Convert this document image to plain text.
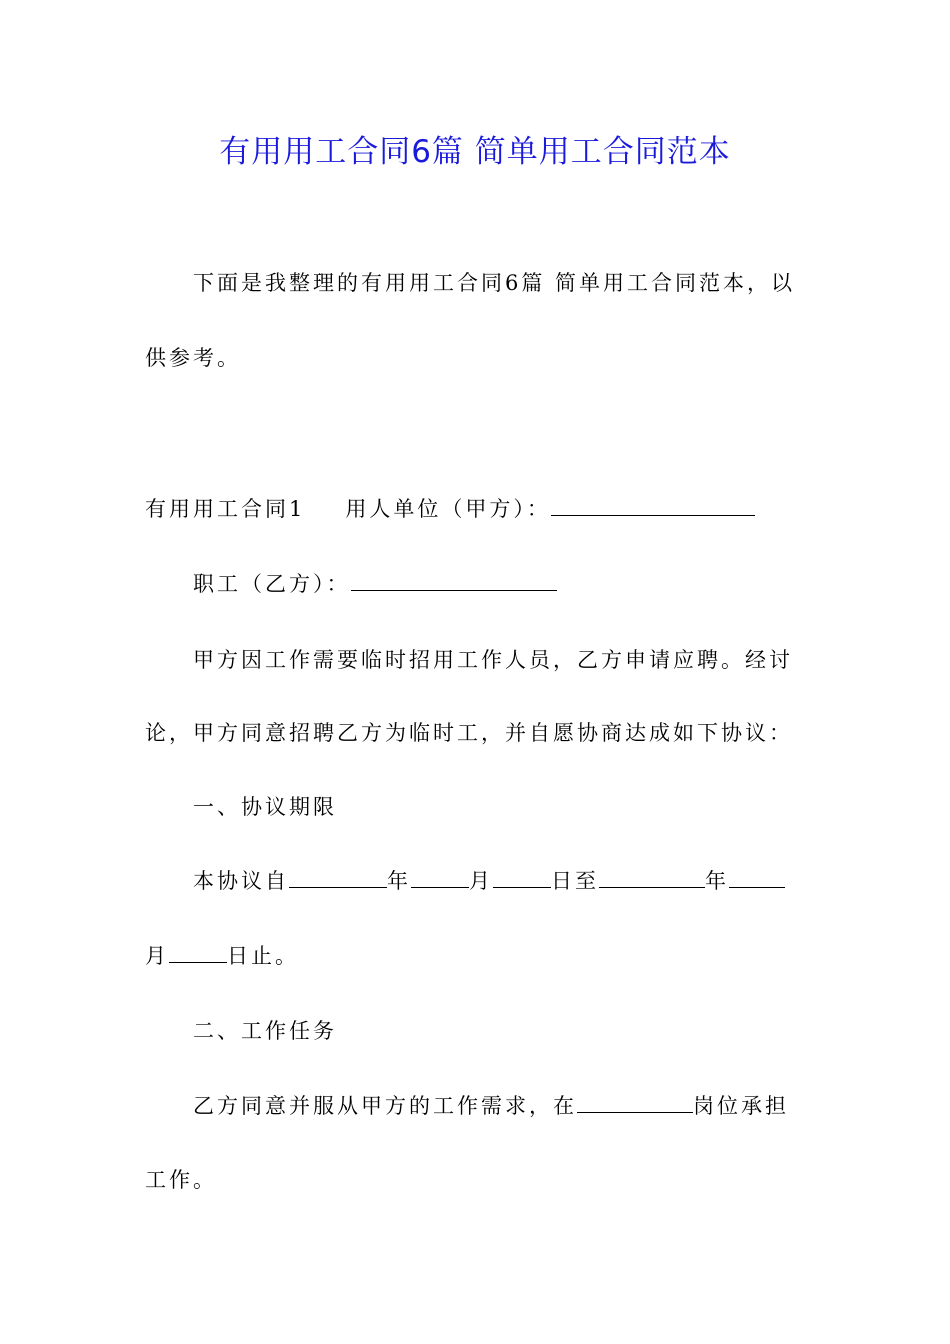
有用用工合同6篇 简单用工合同范本
下面是我整理的有用用工合同6篇 简单用工合同范本，以
供参考。
有用用工合同1 用人单位（甲方）：
职工（乙方）：
甲方因工作需要临时招用工作人员，乙方申请应聘。经讨
论，甲方同意招聘乙方为临时工，并自愿协商达成如下协议：
一、协议期限
本协议自	年	月	日至	年
月	日止。
二、工作任务
乙方同意并服从甲方的工作需求，在	岗位承担
工作。
